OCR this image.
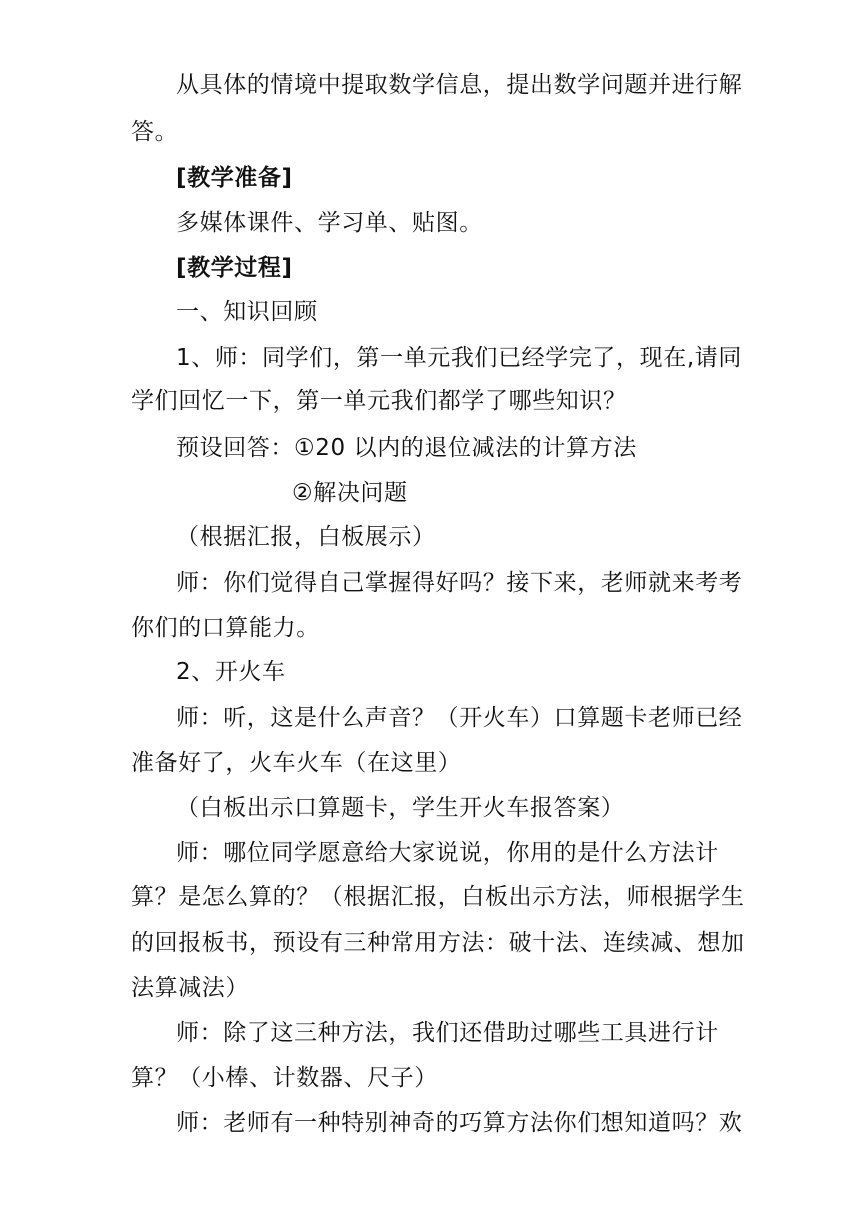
从具体的情境中提取数学信息，提出数学问题并进行解
答。
[教学准备]
多媒体课件、学习单、贴图。
[教学过程]
一、知识回顾
1、师：同学们，第一单元我们已经学完了，现在,请同
学们回忆一下，第一单元我们都学了哪些知识？
预设回答：①20 以内的退位减法的计算方法
②解决问题
（根据汇报，白板展示）
师：你们觉得自己掌握得好吗？接下来，老师就来考考
你们的口算能力。
2、开火车
师：听，这是什么声音？（开火车）口算题卡老师已经
准备好了，火车火车（在这里）
（白板出示口算题卡，学生开火车报答案）
师：哪位同学愿意给大家说说，你用的是什么方法计
算？是怎么算的？（根据汇报，白板出示方法，师根据学生
的回报板书，预设有三种常用方法：破十法、连续减、想加
法算减法）
师：除了这三种方法，我们还借助过哪些工具进行计
算？（小棒、计数器、尺子）
师：老师有一种特别神奇的巧算方法你们想知道吗？欢
